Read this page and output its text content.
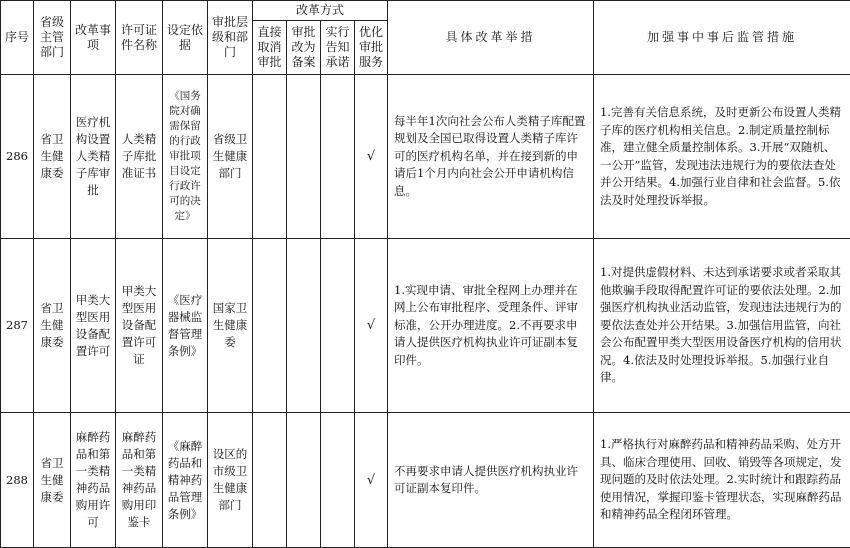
序号	省级主管部门	改革事项	许可证件名称	设定依据	审批层级和部门	改革方式				具体改革举措	加强事中事后监管措施
						直接取消审批	审批改为备案	实行告知承诺	优化审批服务		
286	省卫生健康委	医疗机构设置人类精子库审批	人类精子库批准证书	《国务院对确需保留的行政审批项目设定行政许可的决定》	省级卫生健康部门				√	每半年1次向社会公布人类精子库配置规划及全国已取得设置人类精子库许可的医疗机构名单，并在接到新的申请后1个月内向社会公开申请机构信息。	1.完善有关信息系统，及时更新公布设置人类精子库的医疗机构相关信息。2.制定质量控制标准，建立健全质量控制体系。3.开展“双随机、一公开”监管，发现违法违规行为的要依法查处并公开结果。4.加强行业自律和社会监督。5.依法及时处理投诉举报。
287	省卫生健康委	甲类大型医用设备配置许可	甲类大型医用设备配置许可证	《医疗器械监督管理条例》	国家卫生健康委				√	1.实现申请、审批全程网上办理并在网上公布审批程序、受理条件、评审标准，公开办理进度。2.不再要求申请人提供医疗机构执业许可证副本复印件。	1.对提供虚假材料、未达到承诺要求或者采取其他欺骗手段取得配置许可证的要依法处理。2.加强医疗机构执业活动监管，发现违法违规行为的要依法查处并公开结果。3.加强信用监管，向社会公布配置甲类大型医用设备医疗机构的信用状况。4.依法及时处理投诉举报。5.加强行业自律。
288	省卫生健康委	麻醉药品和第一类精神药品购用许可	麻醉药品和第一类精神药品购用印鉴卡	《麻醉药品和精神药品管理条例》	设区的市级卫生健康部门				√	不再要求申请人提供医疗机构执业许可证副本复印件。	1.严格执行对麻醉药品和精神药品采购、处方开具、临床合理使用、回收、销毁等各项规定，发现问题的及时依法处理。2.实时统计和跟踪药品使用情况，掌握印鉴卡管理状态，实现麻醉药品和精神药品全程闭环管理。
